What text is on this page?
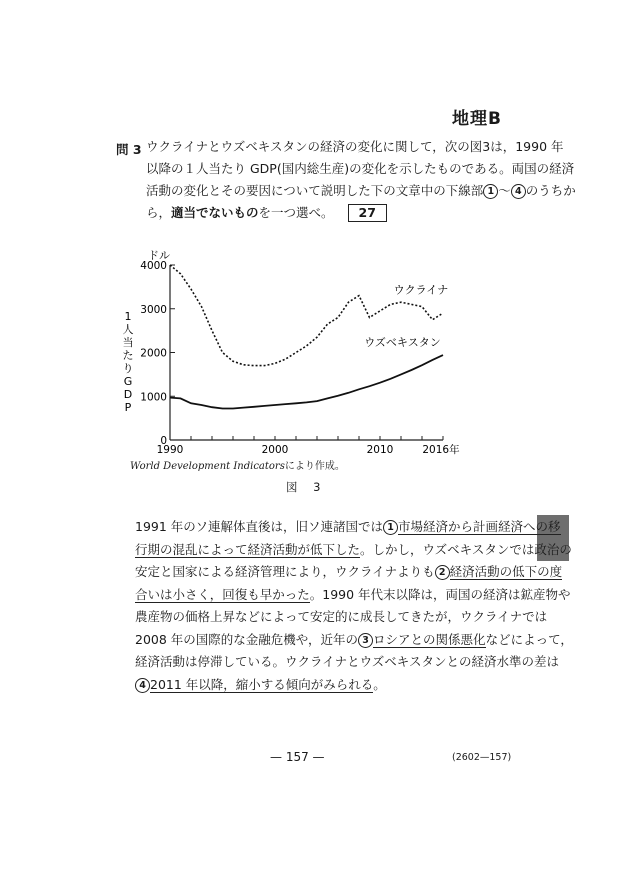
地理B
問 3 ウクライナとウズベキスタンの経済の変化に関して，次の図3は，1990 年

以降の１人当たり GDP(国内総生産)の変化を示したものである。両国の経済

活動の変化とその要因について説明した下の文章中の下線部 1 ～ 4 のうちか

ら，適当でないものを一つ選べ。 27

0
1000
2000
3000
4000
1990	2000	2010	2016年
ドル
1
人
当
た
り
G
D
P
ウクライナ
ウズベキスタン
World Development Indicatorsにより作成。
図 3

1991 年のソ連解体直後は，旧ソ連諸国では 1 市場経済から計画経済への移

行期の混乱によって経済活動が低下した。しかし，ウズベキスタンでは政治の

安定と国家による経済管理により，ウクライナよりも 2 経済活動の低下の度

合いは小さく，回復も早かった。1990 年代末以降は，両国の経済は鉱産物や

農産物の価格上昇などによって安定的に成長してきたが，ウクライナでは

2008 年の国際的な金融危機や，近年の 3 ロシアとの関係悪化などによって，

経済活動は停滞している。ウクライナとウズベキスタンとの経済水準の差は

4 2011 年以降，縮小する傾向がみられる。

— 157 —	(2602—157)
